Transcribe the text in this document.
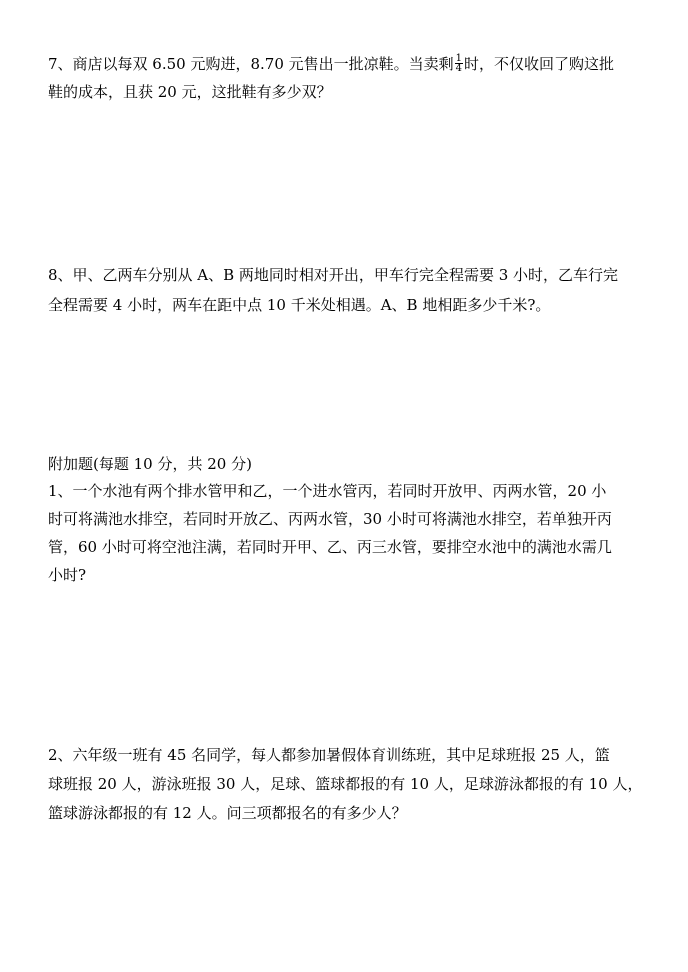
7、商店以每双 6.50 元购进，8.70 元售出一批凉鞋。当卖剩 $\frac{1}{4}$ 时，不仅收回了购这批
鞋的成本，且获 20 元，这批鞋有多少双？
8、甲、乙两车分别从 A、B 两地同时相对开出，甲车行完全程需要 3 小时，乙车行完
全程需要 4 小时，两车在距中点 10 千米处相遇。A、B 地相距多少千米?。
附加题(每题 10 分，共 20 分)
1、一个水池有两个排水管甲和乙，一个进水管丙，若同时开放甲、丙两水管，20 小
时可将满池水排空，若同时开放乙、丙两水管，30 小时可将满池水排空，若单独开丙
管，60 小时可将空池注满，若同时开甲、乙、丙三水管，要排空水池中的满池水需几
小时?
2、六年级一班有 45 名同学，每人都参加暑假体育训练班，其中足球班报 25 人，篮
球班报 20 人，游泳班报 30 人，足球、篮球都报的有 10 人，足球游泳都报的有 10 人，
篮球游泳都报的有 12 人。问三项都报名的有多少人？
